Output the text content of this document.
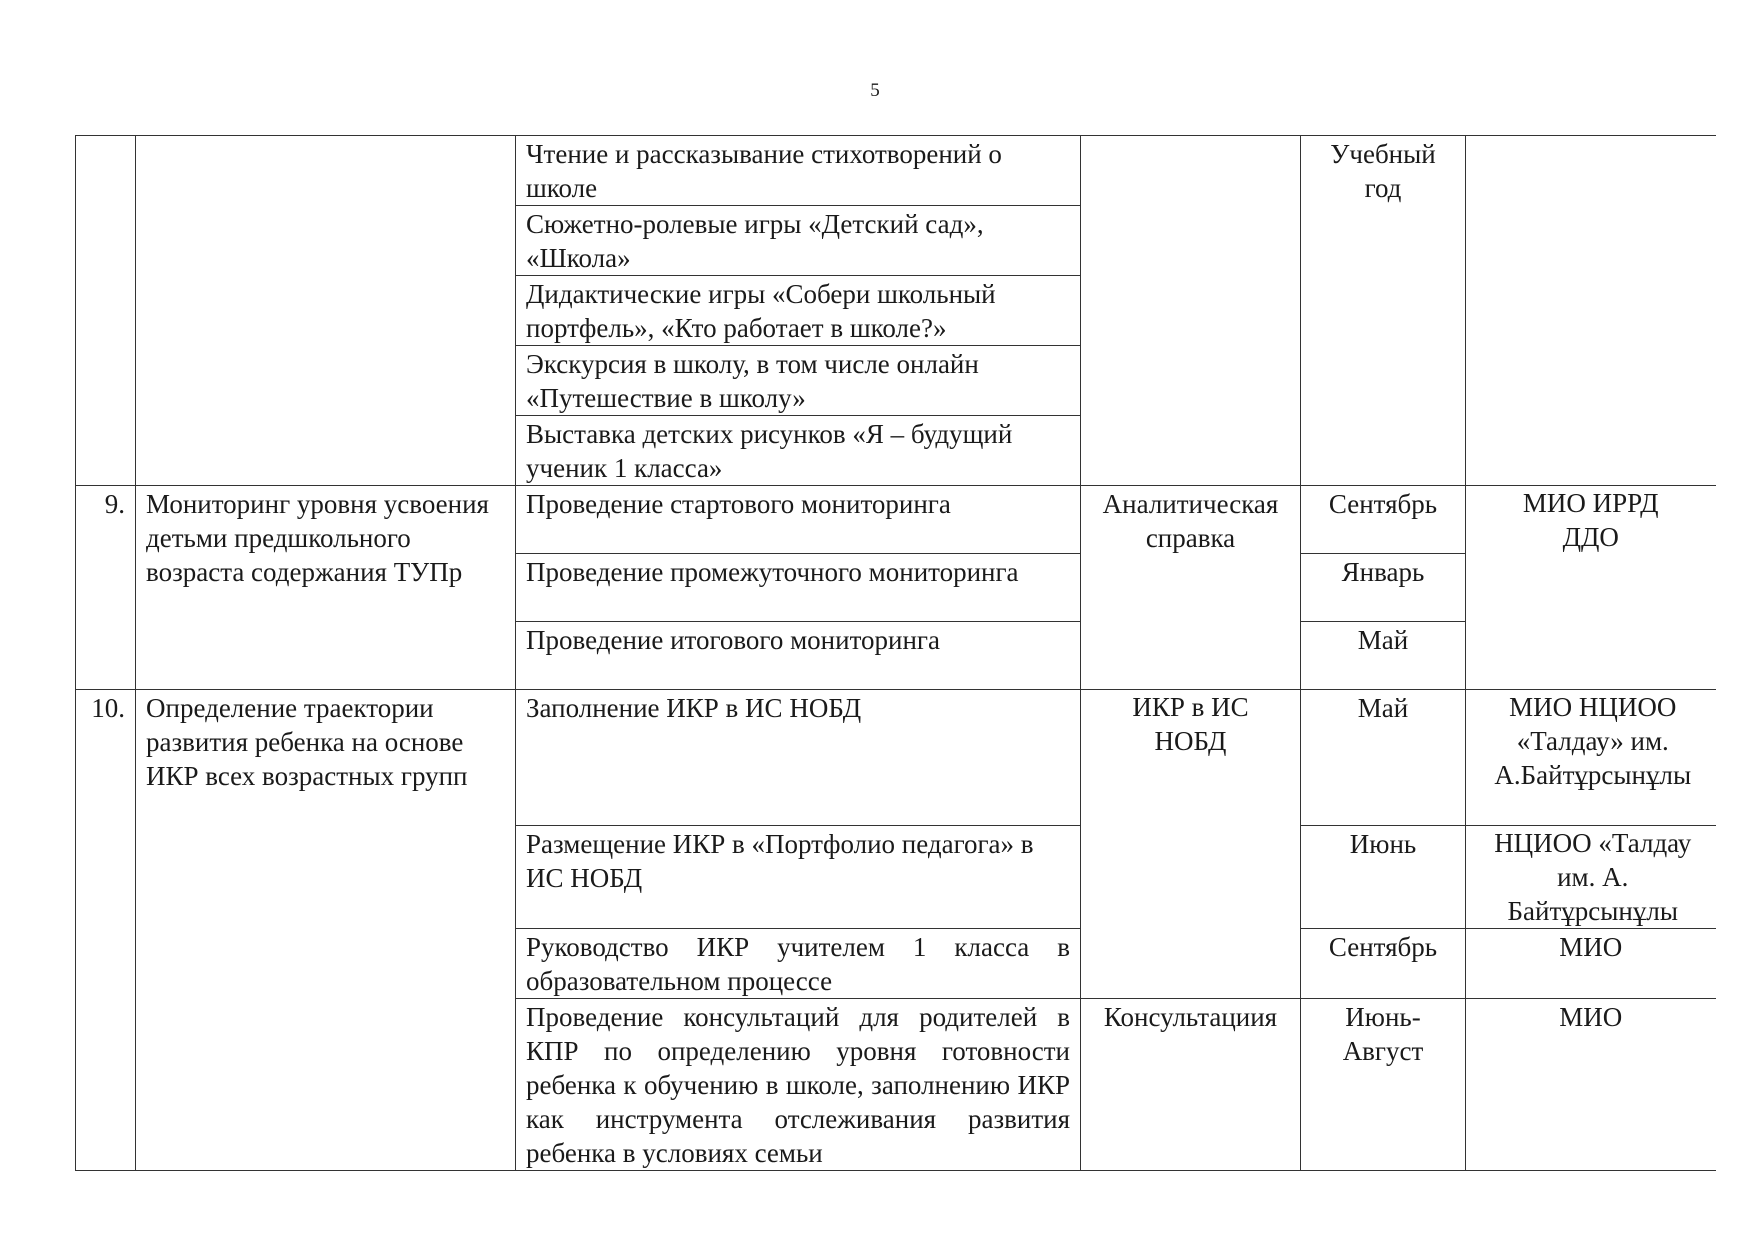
5
		Чтение и рассказывание стихотворений о школе		Учебный год	
		Сюжетно-ролевые игры «Детский сад», «Школа»			
		Дидактические игры «Собери школьный портфель», «Кто работает в школе?»			
		Экскурсия в школу, в том числе онлайн «Путешествие в школу»			
		Выставка детских рисунков «Я – будущий ученик 1 класса»			
9.	Мониторинг уровня усвоения детьми предшкольного возраста содержания ТУПр	Проведение стартового мониторинга	Аналитическая справка	Сентябрь	МИО ИРРД ДДО
		Проведение промежуточного мониторинга		Январь	
		Проведение итогового мониторинга		Май	
10.	Определение траектории развития ребенка на основе ИКР всех возрастных групп	Заполнение ИКР в ИС НОБД	ИКР в ИС НОБД	Май	МИО НЦИОО «Талдау» им. А.Байтұрсынұлы
		Размещение ИКР в «Портфолио педагога» в ИС НОБД		Июнь	НЦИОО «Талдау им. А. Байтұрсынұлы
		Руководство ИКР учителем 1 класса в образовательном процессе		Сентябрь	МИО
		Проведение консультаций для родителей в КПР по определению уровня готовности ребенка к обучению в школе, заполнению ИКР как инструмента отслеживания развития ребенка в условиях семьи	Консультациия	Июнь-Август	МИО
